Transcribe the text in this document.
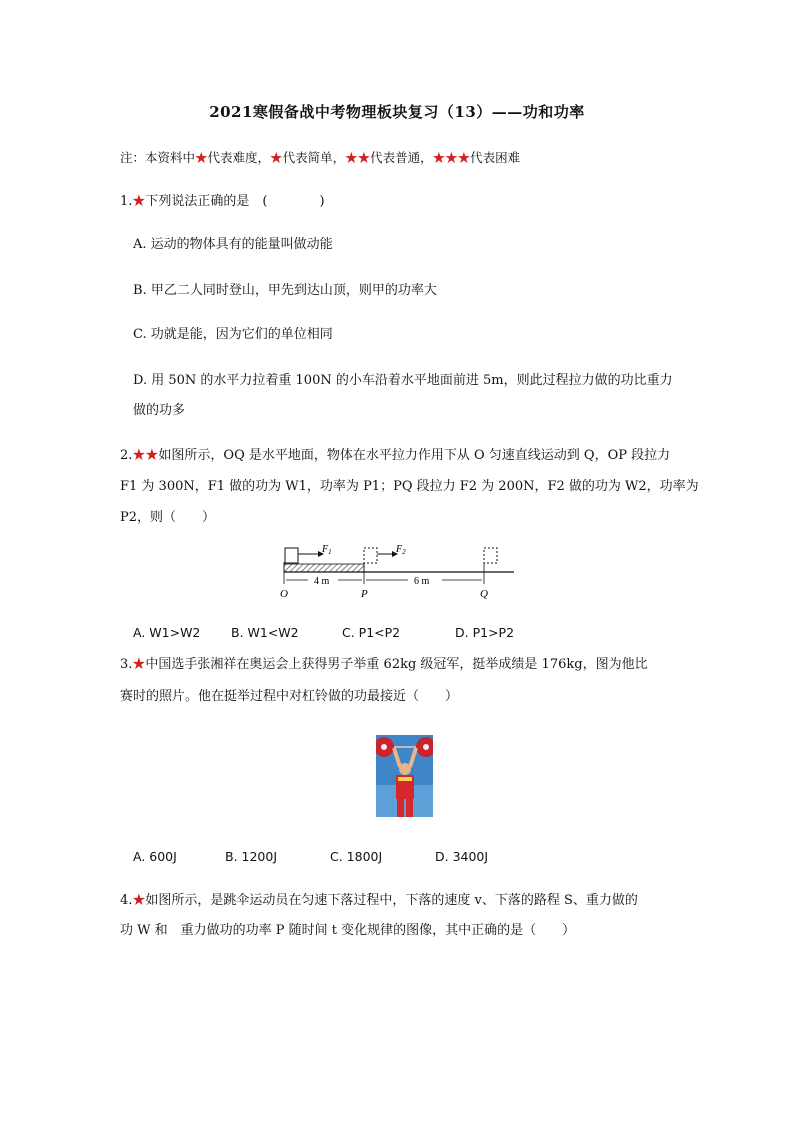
2021寒假备战中考物理板块复习（13）——功和功率
注：本资料中★代表难度，★代表简单，★★代表普通，★★★代表困难
1.★下列说法正确的是　(　　　　)
A. 运动的物体具有的能量叫做动能
B. 甲乙二人同时登山，甲先到达山顶，则甲的功率大
C. 功就是能，因为它们的单位相同
D. 用 50N 的水平力拉着重 100N 的小车沿着水平地面前进 5m，则此过程拉力做的功比重力
做的功多
2.★★如图所示，OQ 是水平地面，物体在水平拉力作用下从 O 匀速直线运动到 Q，OP 段拉力
F1 为 300N，F1 做的功为 W1，功率为 P1；PQ 段拉力 F2 为 200N，F2 做的功为 W2，功率为
P2，则（　　）
$F_1$	$F_2$
4 m	6 m
O	P	Q
A. W1>W2 B. W1<W2	C. P1<P2	D. P1>P2
3.★中国选手张湘祥在奥运会上获得男子举重 62kg 级冠军，挺举成绩是 176kg，图为他比
赛时的照片。他在挺举过程中对杠铃做的功最接近（　　）
A. 600J	B. 1200J	C. 1800J	D. 3400J
4.★如图所示，是跳伞运动员在匀速下落过程中，下落的速度 v、下落的路程 S、重力做的
功 W 和　重力做功的功率 P 随时间 t 变化规律的图像，其中正确的是（　　）
